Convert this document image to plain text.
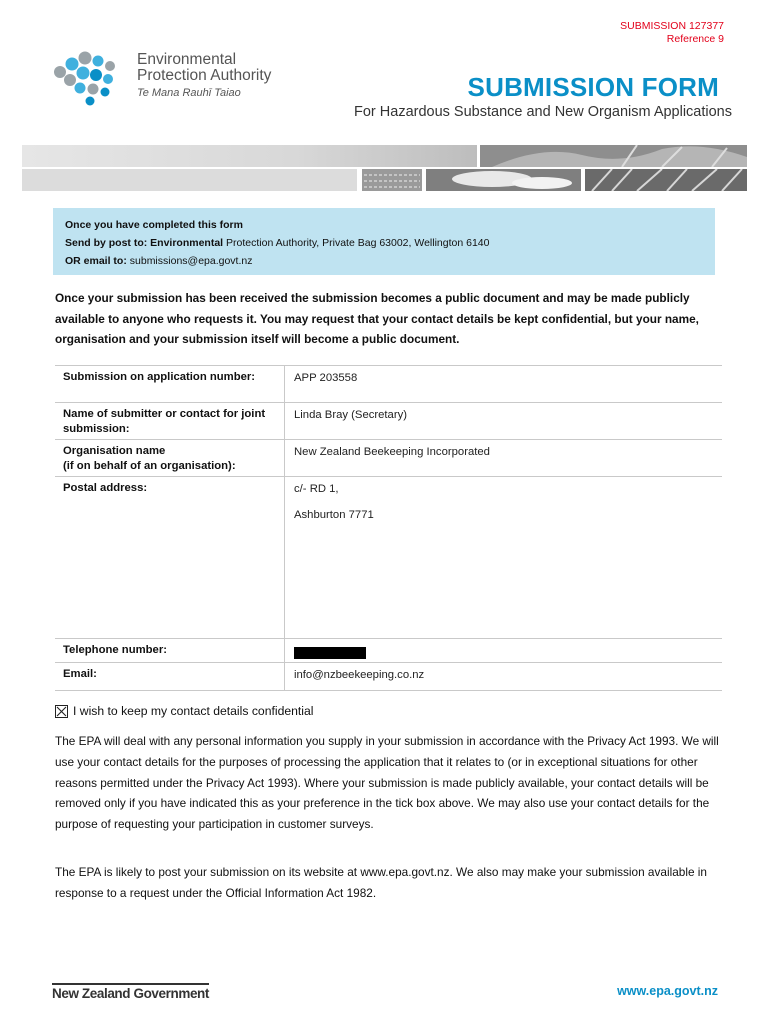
SUBMISSION 127377
Reference 9
Environmental
Protection Authority
Te Mana Rauhī Taiao	SUBMISSION FORM
For Hazardous Substance and New Organism Applications
Once you have completed this form
Send by post to: Environmental Protection Authority, Private Bag 63002, Wellington 6140
OR email to: submissions@epa.govt.nz
Once your submission has been received the submission becomes a public document and may be made publicly available to anyone who requests it. You may request that your contact details be kept confidential, but your name, organisation and your submission itself will become a public document.
Submission on application number:	APP 203558
Name of submitter or contact for joint submission:
Linda Bray (Secretary)
Organisation name
(if on behalf of an organisation):
New Zealand Beekeeping Incorporated
Postal address:	c/- RD 1,
Ashburton 7771
Telephone number:
Email:	info@nzbeekeeping.co.nz
I wish to keep my contact details confidential
The EPA will deal with any personal information you supply in your submission in accordance with the Privacy Act 1993. We will use your contact details for the purposes of processing the application that it relates to (or in exceptional situations for other reasons permitted under the Privacy Act 1993). Where your submission is made publicly available, your contact details will be removed only if you have indicated this as your preference in the tick box above. We may also use your contact details for the purpose of requesting your participation in customer surveys.
The EPA is likely to post your submission on its website at www.epa.govt.nz. We also may make your submission available in response to a request under the Official Information Act 1982.
New Zealand Government	www.epa.govt.nz
